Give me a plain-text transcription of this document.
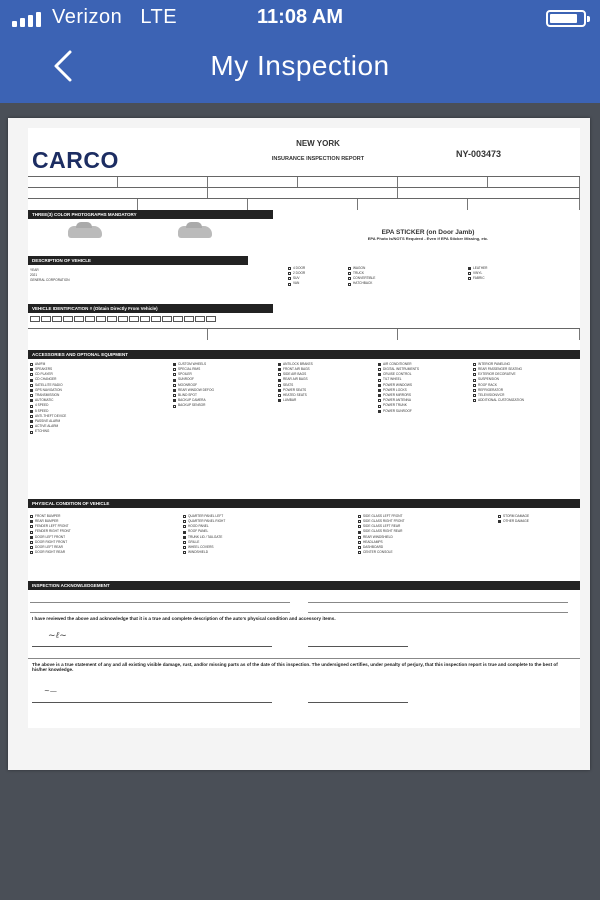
Verizon LTE	11:08 AM
My Inspection
CARCO
NEW YORK
INSURANCE INSPECTION REPORT	NY-003473
THREE(3) COLOR PHOTOGRAPHS MANDATORY
EPA STICKER (on Door Jamb)
EPA Photo Is/NOTS Required - Even if EPA Sticker Missing, etc.
DESCRIPTION OF VEHICLE
YEAR
2021
GENERAL CORPORATION
4 DOOR
2 DOOR
SUV
VAN
WAGON
TRUCK
CONVERTIBLE
HATCHBACK
LEATHER
VINYL
FABRIC
VEHICLE IDENTIFICATION # (Obtain Directly From Vehicle)
ACCESSORIES AND OPTIONAL EQUIPMENT
AM/FM
SPEAKERS
CD PLAYER
CD CHANGER
SATELLITE RADIO
GPS NAVIGATION
TRANSMISSION
AUTOMATIC
4 SPEED
5 SPEED
ANTI-THEFT DEVICE
PASSIVE ALARM
ACTIVE ALARM
ETCHING
CUSTOM WHEELS
SPECIAL RIMS
SPOILER
SUNROOF
MOONROOF
REAR WINDOW DEFOG
BLIND SPOT
BACKUP CAMERA
BACKUP SENSOR
ANTILOCK BRAKES
FRONT AIR BAGS
SIDE AIR BAGS
REAR AIR BAGS
SEATS
POWER SEATS
HEATED SEATS
LUMBAR
AIR CONDITIONER
DIGITAL INSTRUMENTS
CRUISE CONTROL
TILT WHEEL
POWER WINDOWS
POWER LOCKS
POWER MIRRORS
POWER ANTENNA
POWER TRUNK
POWER SUNROOF
INTERIOR PANELING
REAR PASSENGER SEATING
EXTERIOR DECORATIVE
SUSPENSION
ROOF RACK
REFRIGERATOR
TELEVISION/VCR
ADDITIONAL CUSTOMIZATION
PHYSICAL CONDITION OF VEHICLE
FRONT BUMPER
REAR BUMPER
FENDER LEFT FRONT
FENDER RIGHT FRONT
DOOR LEFT FRONT
DOOR RIGHT FRONT
DOOR LEFT REAR
DOOR RIGHT REAR
QUARTER PANEL LEFT
QUARTER PANEL RIGHT
HOOD PANEL
ROOF PANEL
TRUNK LID / TAILGATE
GRILLE
WHEEL COVERS
WINDSHIELD
SIDE GLASS LEFT FRONT
SIDE GLASS RIGHT FRONT
SIDE GLASS LEFT REAR
SIDE GLASS RIGHT REAR
REAR WINDSHIELD
HEADLAMPS
DASHBOARD
CENTER CONSOLE
STORM DAMAGE
OTHER DAMAGE
INSPECTION ACKNOWLEDGEMENT
I have reviewed the above and acknowledge that it is a true and complete description of the auto's physical condition and accessory items.
~ℓ~
The above is a true statement of any and all existing visible damage, rust, and/or missing parts as of the date of this inspection. The undersigned certifies, under penalty of perjury, that this inspection report is true and complete to the best of his/her knowledge.
~—
